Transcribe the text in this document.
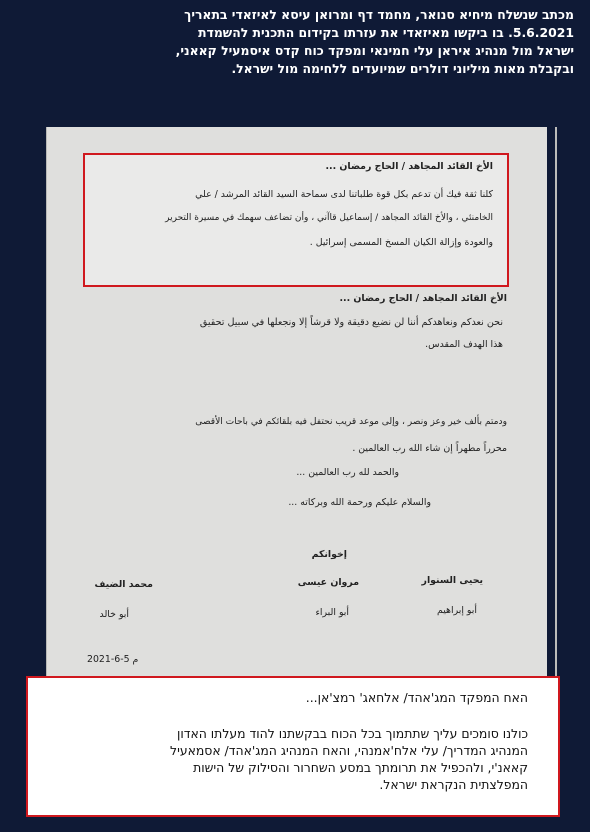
מכתב שנשלח מיחיא סנואר, מחמד דף ומרואן עיסא לאיזאדי בתאריך
5.6.2021. בו ביקשו מאיזאדי את עזרתו בקידום התכנית להשמדת
ישראל מול מנהיג איראן עלי חמינאי ומפקד כוח קדס איסמעיל קאאני,
ובקבלת מאות מיליוני דולרים שמיועדים ללחימה מול ישראל.
الأخ القائد المجاهد / الحاج رمضان ...
كلنا ثقة فيك أن تدعم بكل قوة طلباتنا لدى سماحة السيد القائد المرشد / علي
الخامنئي ، والأخ القائد المجاهد / إسماعيل قاآني ، وأن تضاعف سهمك في مسيرة التحرير
والعودة وإزالة الكيان المسخ المسمى إسرائيل .
الأخ القائد المجاهد / الحاج رمضان ...
نحن نعدكم ونعاهدكم أننا لن نضيع دقيقة ولا قرشاً إلا ونجعلها في سبيل تحقيق
هذا الهدف المقدس.
ودمتم بألف خير وعز ونصر ، وإلى موعد قريب نحتفل فيه بلقائكم في باحات الأقصى
محرراً مطهراً إن شاء الله رب العالمين .
والحمد لله رب العالمين ...
والسلام عليكم ورحمة الله وبركاته ...
إخوانكم
يحيى السنوار
مروان عيسى
محمد الضيف
أبو إبراهيم
أبو البراء
أبو خالد
2021-6-5 م
האח המפקד המג'אהד/ אלחאג' רמצ'אן...
כולנו סומכים עליך שתתמוך בכל הכוח בבקשתנו להוד מעלתו האדון
המנהיג המדריך/ עלי אלח'אמנהי, והאח המנהיג המג'אהד/ אסמאעיל
קאאנ'י, ולהכפיל את תרומתך במסע השחרור והסילוק של הישות
המפלצתית הנקראת ישראל.
